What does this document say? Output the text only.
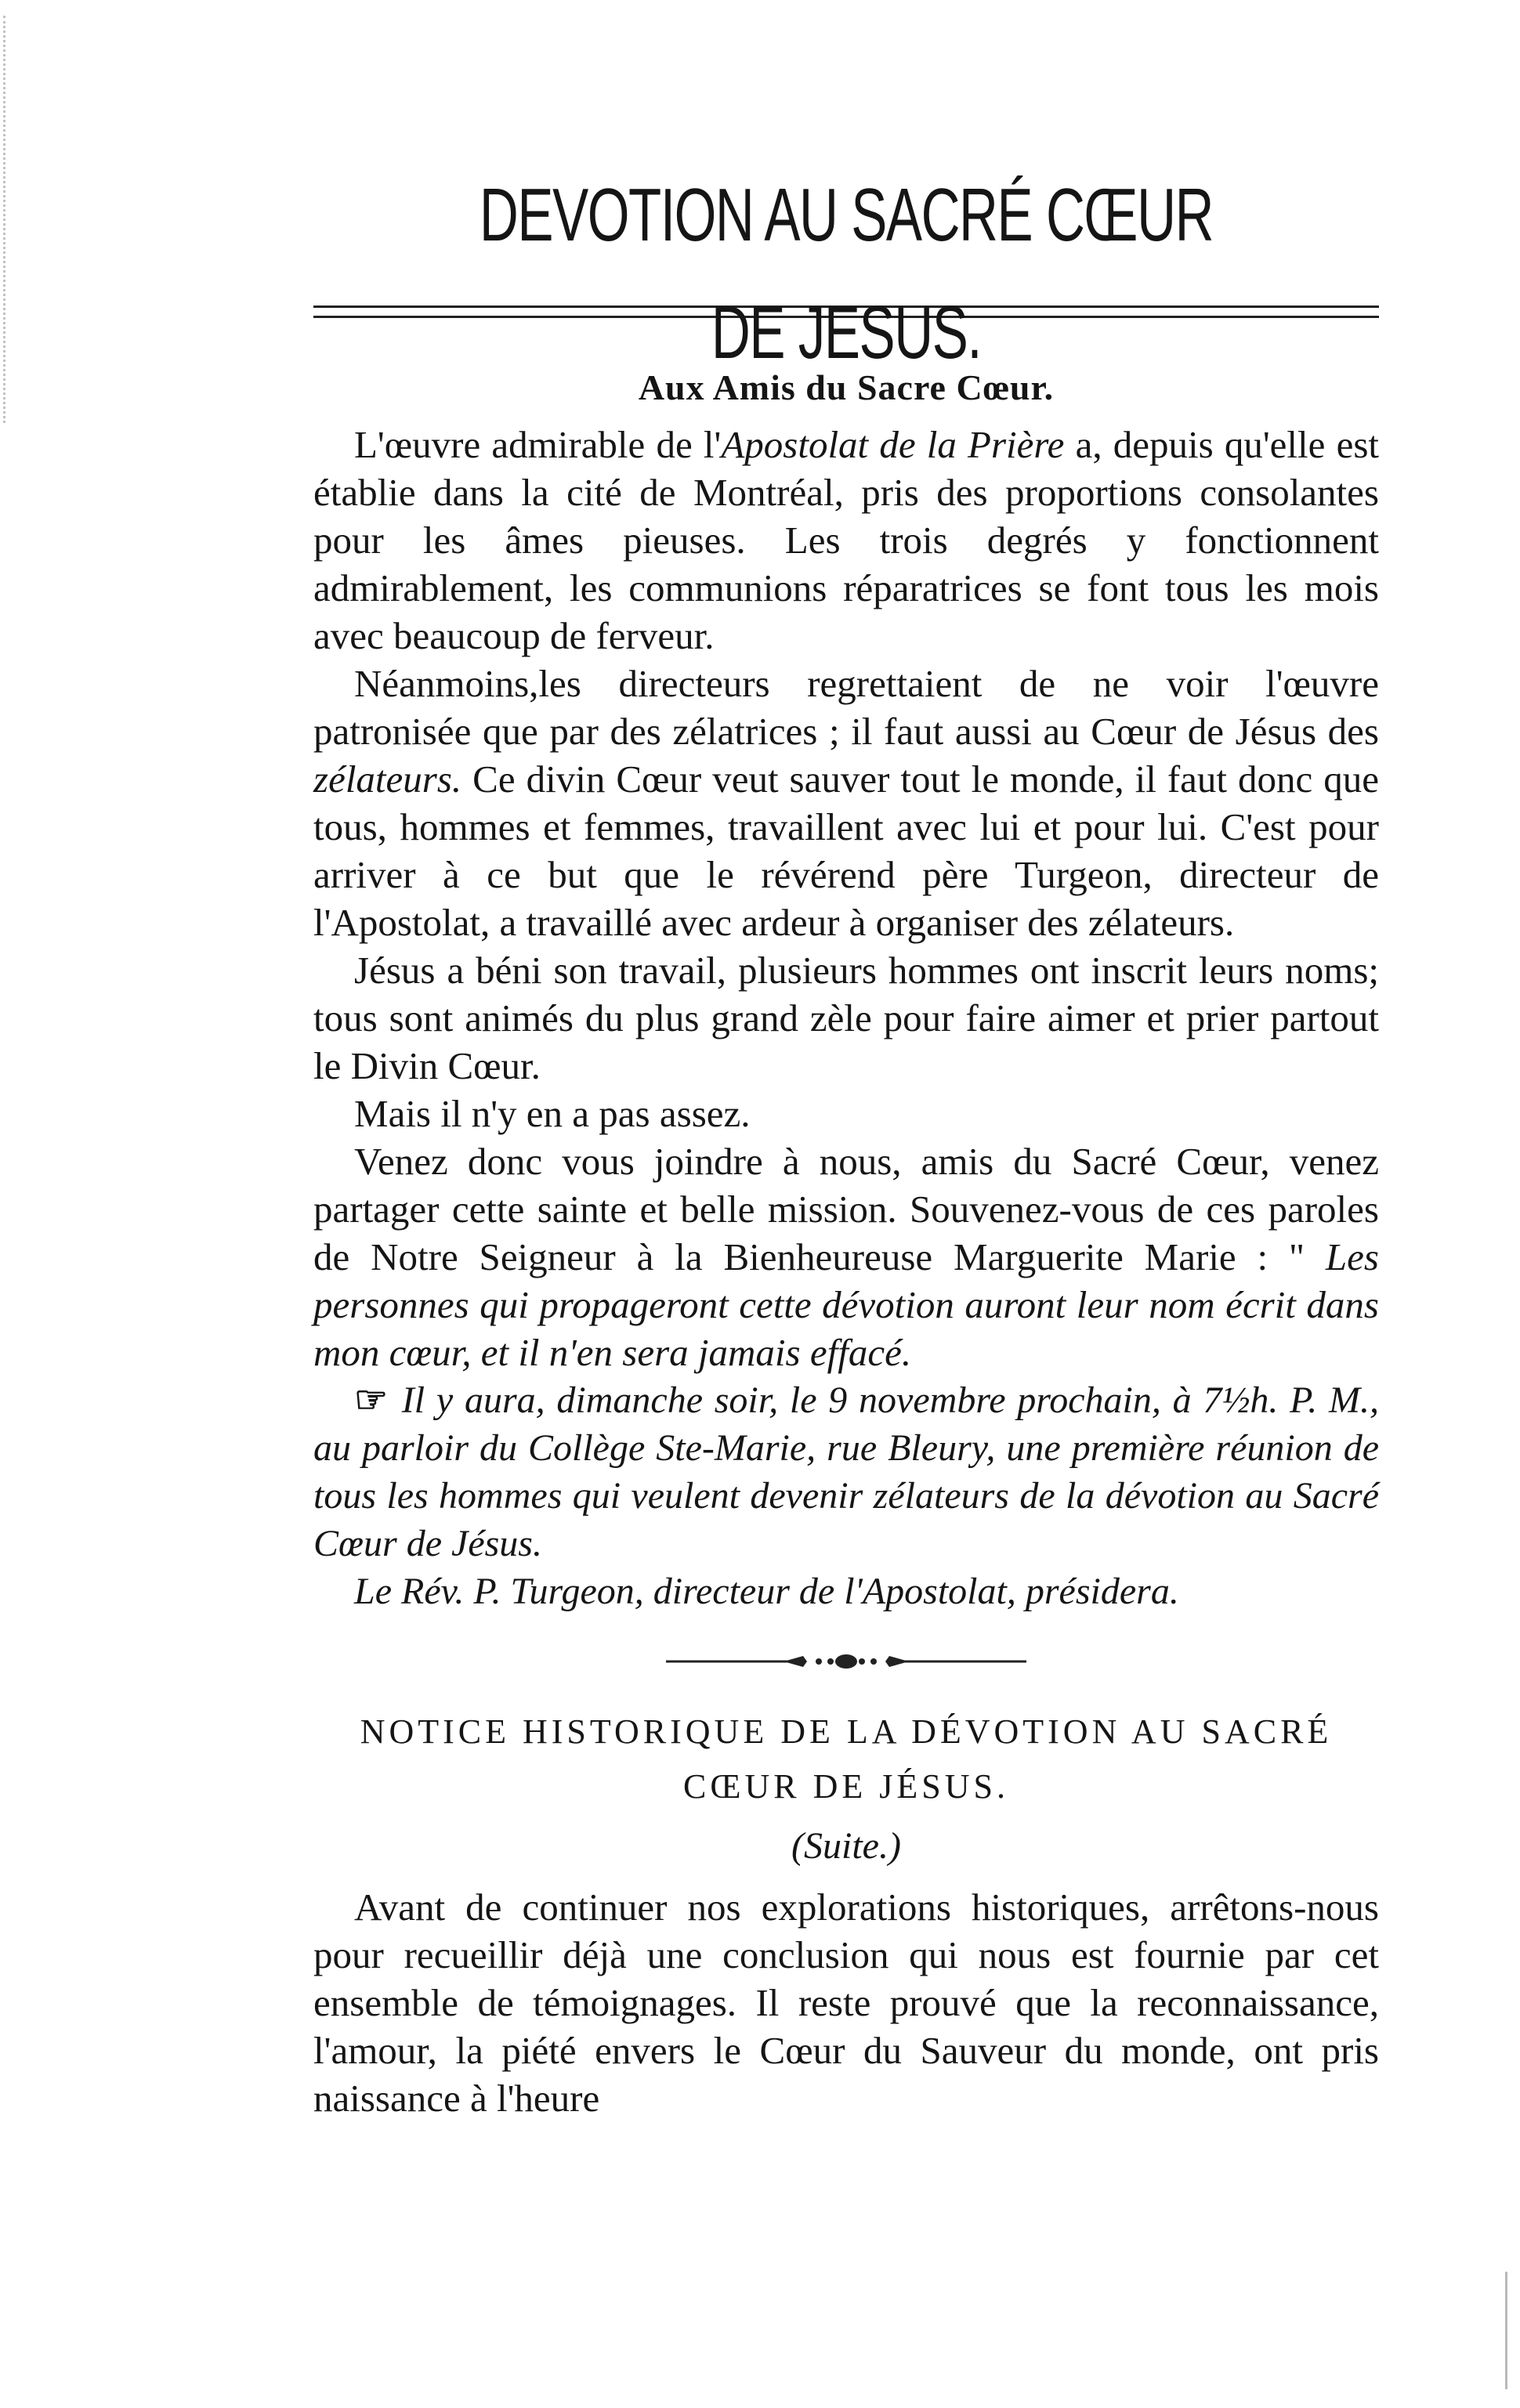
DEVOTION AU SACRÉ CŒUR DE JESUS.
Aux Amis du Sacre Cœur.

L'œuvre admirable de l'Apostolat de la Prière a, depuis qu'elle est établie dans la cité de Montréal, pris des proportions consolantes pour les âmes pieuses. Les trois degrés y fonctionnent admirablement, les communions réparatrices se font tous les mois avec beaucoup de ferveur.

Néanmoins,les directeurs regrettaient de ne voir l'œuvre patronisée que par des zélatrices ; il faut aussi au Cœur de Jésus des zélateurs. Ce divin Cœur veut sauver tout le monde, il faut donc que tous, hommes et femmes, travaillent avec lui et pour lui. C'est pour arriver à ce but que le révérend père Turgeon, directeur de l'Apostolat, a travaillé avec ardeur à organiser des zélateurs.

Jésus a béni son travail, plusieurs hommes ont inscrit leurs noms; tous sont animés du plus grand zèle pour faire aimer et prier partout le Divin Cœur.

Mais il n'y en a pas assez.

Venez donc vous joindre à nous, amis du Sacré Cœur, venez partager cette sainte et belle mission. Souvenez-vous de ces paroles de Notre Seigneur à la Bienheureuse Marguerite Marie : " Les personnes qui propageront cette dévotion auront leur nom écrit dans mon cœur, et il n'en sera jamais effacé.

☞ Il y aura, dimanche soir, le 9 novembre prochain, à 7½h. P. M., au parloir du Collège Ste-Marie, rue Bleury, une première réunion de tous les hommes qui veulent devenir zélateurs de la dévotion au Sacré Cœur de Jésus.

Le Rév. P. Turgeon, directeur de l'Apostolat, présidera.

NOTICE HISTORIQUE DE LA DÉVOTION AU SACRÉ
CŒUR DE JÉSUS.
(Suite.)

Avant de continuer nos explorations historiques, arrêtons-nous pour recueillir déjà une conclusion qui nous est fournie par cet ensemble de témoignages. Il reste prouvé que la reconnaissance, l'amour, la piété envers le Cœur du Sauveur du monde, ont pris naissance à l'heure
